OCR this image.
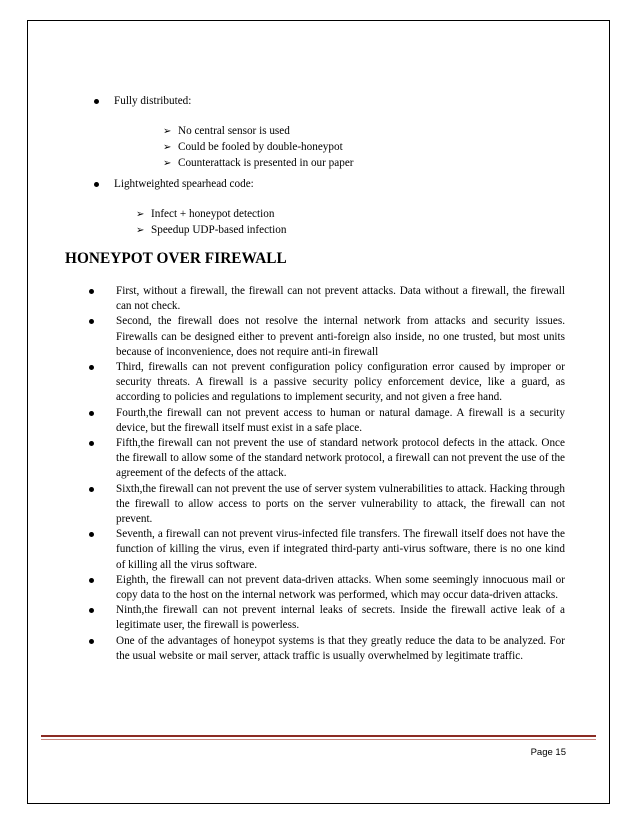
Fully distributed:
➢ No central sensor is used
➢ Could be fooled by double-honeypot
➢ Counterattack is presented in our paper
Lightweighted spearhead code:
➢ Infect + honeypot detection
➢ Speedup UDP-based infection
HONEYPOT OVER FIREWALL
First, without a firewall, the firewall can not prevent attacks. Data without a firewall, the firewall can not check.
Second, the firewall does not resolve the internal network from attacks and security issues. Firewalls can be designed either to prevent anti-foreign also inside, no one trusted, but most units because of inconvenience, does not require anti-in firewall
Third, firewalls can not prevent configuration policy configuration error caused by improper or security threats. A firewall is a passive security policy enforcement device, like a guard, as according to policies and regulations to implement security, and not given a free hand.
Fourth,the firewall can not prevent access to human or natural damage. A firewall is a security device, but the firewall itself must exist in a safe place.
Fifth,the firewall can not prevent the use of standard network protocol defects in the attack. Once the firewall to allow some of the standard network protocol, a firewall can not prevent the use of the agreement of the defects of the attack.
Sixth,the firewall can not prevent the use of server system vulnerabilities to attack. Hacking through the firewall to allow access to ports on the server vulnerability to attack, the firewall can not prevent.
Seventh, a firewall can not prevent virus-infected file transfers. The firewall itself does not have the function of killing the virus, even if integrated third-party anti-virus software, there is no one kind of killing all the virus software.
Eighth, the firewall can not prevent data-driven attacks. When some seemingly innocuous mail or copy data to the host on the internal network was performed, which may occur data-driven attacks.
Ninth,the firewall can not prevent internal leaks of secrets. Inside the firewall active leak of a legitimate user, the firewall is powerless.
One of the advantages of honeypot systems is that they greatly reduce the data to be analyzed. For the usual website or mail server, attack traffic is usually overwhelmed by legitimate traffic.
Page 15
